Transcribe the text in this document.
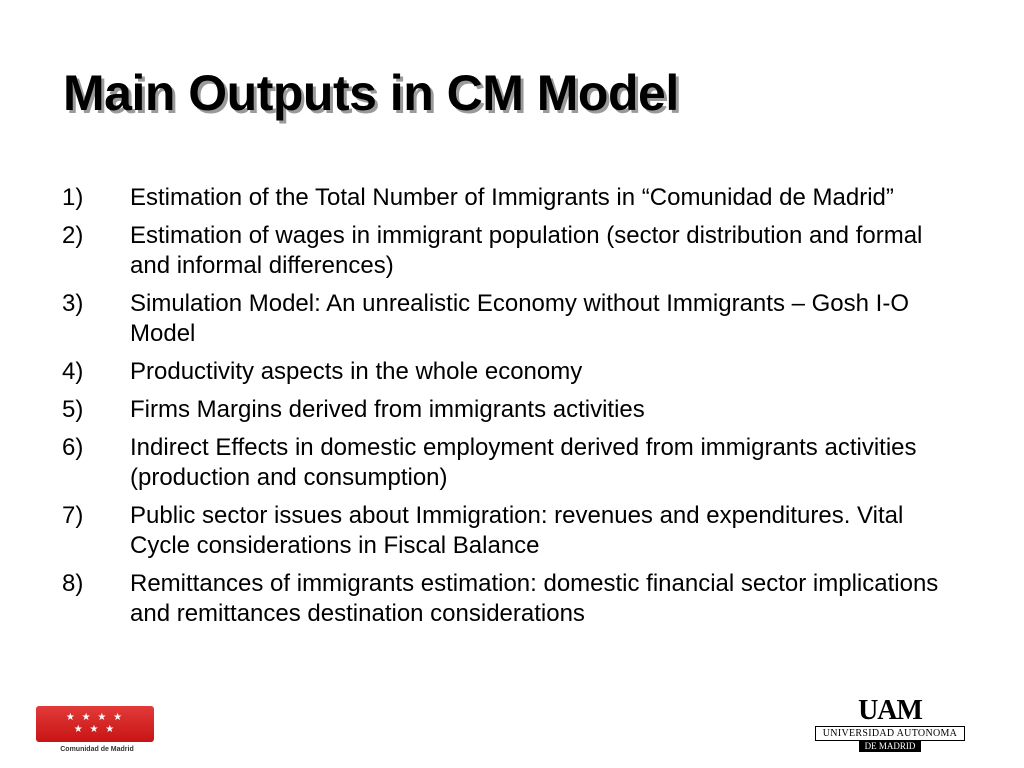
Main Outputs in CM Model
1)	Estimation of the Total Number of Immigrants in “Comunidad de Madrid”
2)	Estimation of wages in immigrant population (sector distribution and formal and informal differences)
3)	Simulation Model: An unrealistic Economy without Immigrants – Gosh I-O Model
4)	Productivity aspects in the whole economy
5)	Firms Margins derived from immigrants activities
6)	Indirect Effects in domestic employment derived from immigrants activities (production and consumption)
7)	Public sector issues about Immigration: revenues and expenditures. Vital Cycle considerations in Fiscal Balance
8)	Remittances of immigrants estimation: domestic financial sector implications and remittances destination considerations
★ ★ ★ ★
★ ★ ★
Comunidad de Madrid
UAM
UNIVERSIDAD AUTONOMA
DE MADRID
